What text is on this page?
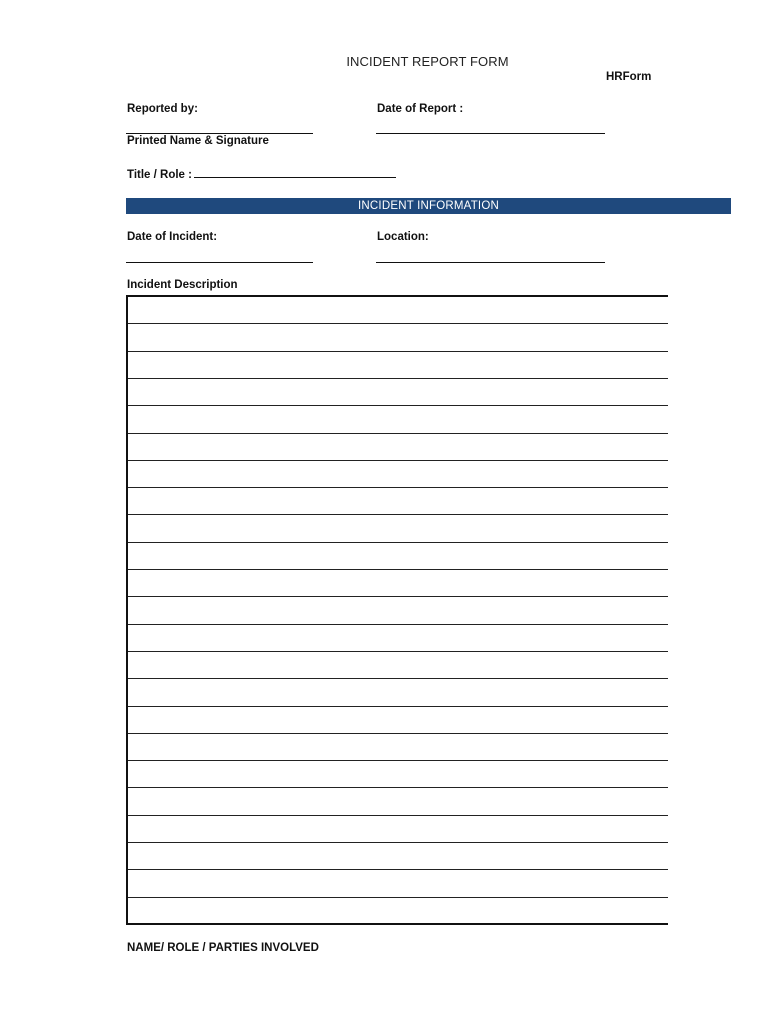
INCIDENT REPORT FORM
HRForm
Reported by:
Printed Name & Signature
Date of Report :
Title / Role :
INCIDENT INFORMATION
Date of Incident:	Location:
Incident Description
NAME/ ROLE / PARTIES INVOLVED
